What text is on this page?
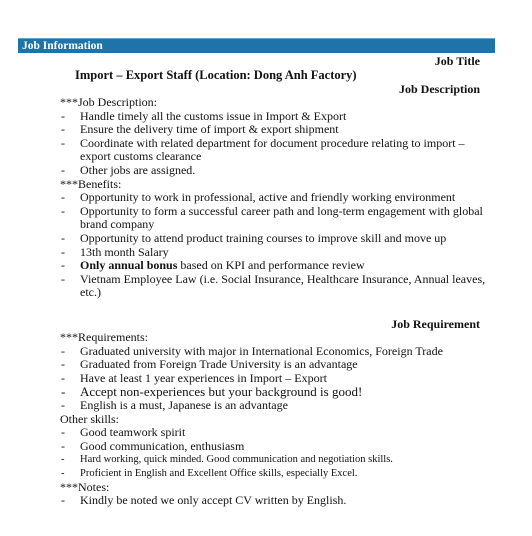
Job Information
Job Title
Import – Export Staff (Location: Dong Anh Factory)
Job Description

***Job Description:

- Handle timely all the customs issue in Import & Export
- Ensure the delivery time of import & export shipment
- Coordinate with related department for document procedure relating to import – export customs clearance
- Other jobs are assigned.

***Benefits:

- Opportunity to work in professional, active and friendly working environment
- Opportunity to form a successful career path and long-term engagement with global brand company
- Opportunity to attend product training courses to improve skill and move up
- 13th month Salary
- Only annual bonus based on KPI and performance review
- Vietnam Employee Law (i.e. Social Insurance, Healthcare Insurance, Annual leaves, etc.)
Job Requirement

***Requirements:

- Graduated university with major in International Economics, Foreign Trade
- Graduated from Foreign Trade University is an advantage
- Have at least 1 year experiences in Import – Export
- Accept non-experiences but your background is good!
- English is a must, Japanese is an advantage

Other skills:

- Good teamwork spirit
- Good communication, enthusiasm
- Hard working, quick minded. Good communication and negotiation skills.
- Proficient in English and Excellent Office skills, especially Excel.

***Notes:

- Kindly be noted we only accept CV written by English.
